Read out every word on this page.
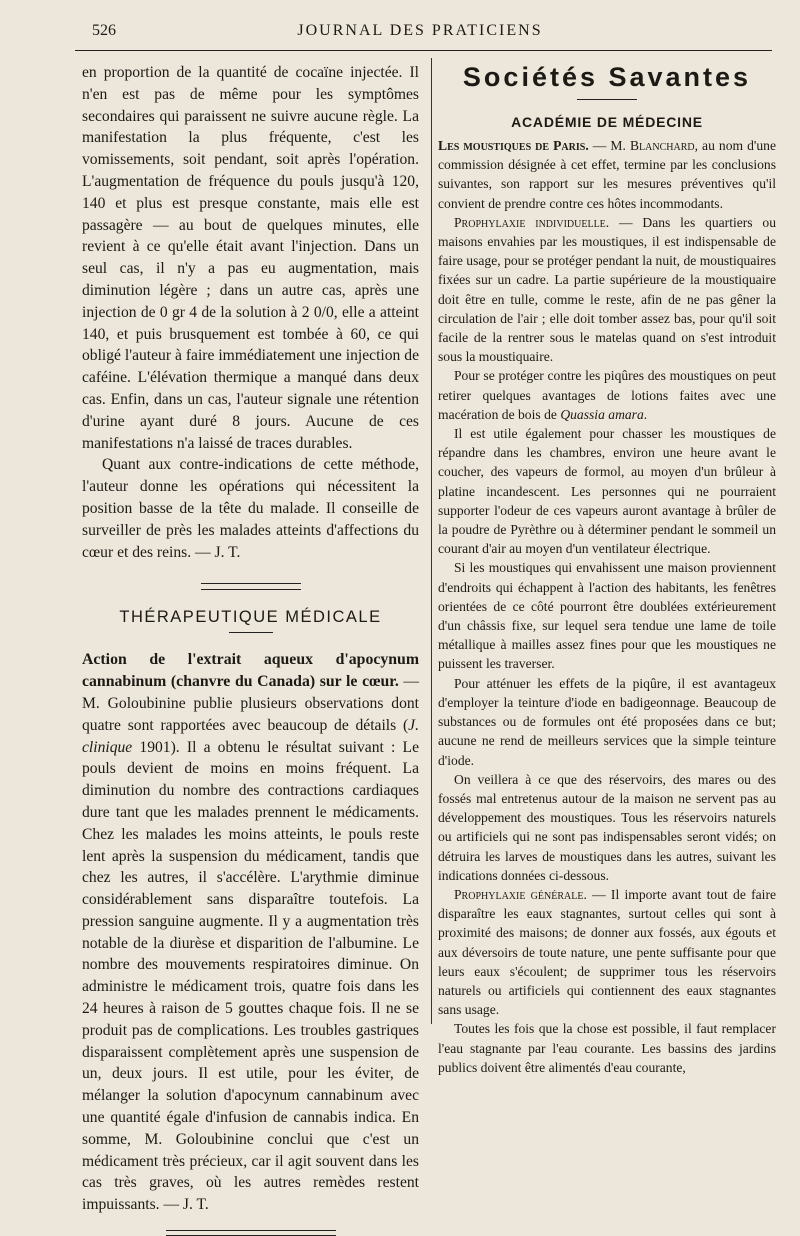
526	JOURNAL DES PRATICIENS

en proportion de la quantité de cocaïne injectée. Il n'en est pas de même pour les symptômes secondaires qui paraissent ne suivre aucune règle. La manifestation la plus fréquente, c'est les vomissements, soit pendant, soit après l'opération. L'augmentation de fréquence du pouls jusqu'à 120, 140 et plus est presque constante, mais elle est passagère — au bout de quelques minutes, elle revient à ce qu'elle était avant l'injection. Dans un seul cas, il n'y a pas eu augmentation, mais diminution légère ; dans un autre cas, après une injection de 0 gr 4 de la solution à 2 0/0, elle a atteint 140, et puis brusquement est tombée à 60, ce qui obligé l'auteur à faire immédiatement une injection de caféine. L'élévation thermique a manqué dans deux cas. Enfin, dans un cas, l'auteur signale une rétention d'urine ayant duré 8 jours. Aucune de ces manifestations n'a laissé de traces durables.

Quant aux contre-indications de cette méthode, l'auteur donne les opérations qui nécessitent la position basse de la tête du malade. Il conseille de surveiller de près les malades atteints d'affections du cœur et des reins. — J. T.

THÉRAPEUTIQUE MÉDICALE

Action de l'extrait aqueux d'apocynum cannabinum (chanvre du Canada) sur le cœur. — M. Goloubinine publie plusieurs observations dont quatre sont rapportées avec beaucoup de détails (J. clinique 1901). Il a obtenu le résultat suivant : Le pouls devient de moins en moins fréquent. La diminution du nombre des contractions cardiaques dure tant que les malades prennent le médicaments. Chez les malades les moins atteints, le pouls reste lent après la suspension du médicament, tandis que chez les autres, il s'accélère. L'arythmie diminue considérablement sans disparaître toutefois. La pression sanguine augmente. Il y a augmentation très notable de la diurèse et disparition de l'albumine. Le nombre des mouvements respiratoires diminue. On administre le médicament trois, quatre fois dans les 24 heures à raison de 5 gouttes chaque fois. Il ne se produit pas de complications. Les troubles gastriques disparaissent complètement après une suspension de un, deux jours. Il est utile, pour les éviter, de mélanger la solution d'apocynum cannabinum avec une quantité égale d'infusion de cannabis indica. En somme, M. Goloubinine conclui que c'est un médicament très précieux, car il agit souvent dans les cas très graves, où les autres remèdes restent impuissants. — J. T.

Sociétés Savantes
ACADÉMIE DE MÉDECINE

Les moustiques de Paris. — M. Blanchard, au nom d'une commission désignée à cet effet, termine par les conclusions suivantes, son rapport sur les mesures préventives qu'il convient de prendre contre ces hôtes incommodants.

Prophylaxie individuelle. — Dans les quartiers ou maisons envahies par les moustiques, il est indispensable de faire usage, pour se protéger pendant la nuit, de moustiquaires fixées sur un cadre. La partie supérieure de la moustiquaire doit être en tulle, comme le reste, afin de ne pas gêner la circulation de l'air ; elle doit tomber assez bas, pour qu'il soit facile de la rentrer sous le matelas quand on s'est introduit sous la moustiquaire.

Pour se protéger contre les piqûres des moustiques on peut retirer quelques avantages de lotions faites avec une macération de bois de Quassia amara.

Il est utile également pour chasser les moustiques de répandre dans les chambres, environ une heure avant le coucher, des vapeurs de formol, au moyen d'un brûleur à platine incandescent. Les personnes qui ne pourraient supporter l'odeur de ces vapeurs auront avantage à brûler de la poudre de Pyrèthre ou à déterminer pendant le sommeil un courant d'air au moyen d'un ventilateur électrique.

Si les moustiques qui envahissent une maison proviennent d'endroits qui échappent à l'action des habitants, les fenêtres orientées de ce côté pourront être doublées extérieurement d'un châssis fixe, sur lequel sera tendue une lame de toile métallique à mailles assez fines pour que les moustiques ne puissent les traverser.

Pour atténuer les effets de la piqûre, il est avantageux d'employer la teinture d'iode en badigeonnage. Beaucoup de substances ou de formules ont été proposées dans ce but; aucune ne rend de meilleurs services que la simple teinture d'iode.

On veillera à ce que des réservoirs, des mares ou des fossés mal entretenus autour de la maison ne servent pas au développement des moustiques. Tous les réservoirs naturels ou artificiels qui ne sont pas indispensables seront vidés; on détruira les larves de moustiques dans les autres, suivant les indications données ci-dessous.

Prophylaxie générale. — Il importe avant tout de faire disparaître les eaux stagnantes, surtout celles qui sont à proximité des maisons; de donner aux fossés, aux égouts et aux déversoirs de toute nature, une pente suffisante pour que leurs eaux s'écoulent; de supprimer tous les réservoirs naturels ou artificiels qui contiennent des eaux stagnantes sans usage.

Toutes les fois que la chose est possible, il faut remplacer l'eau stagnante par l'eau courante. Les bassins des jardins publics doivent être alimentés d'eau courante,
